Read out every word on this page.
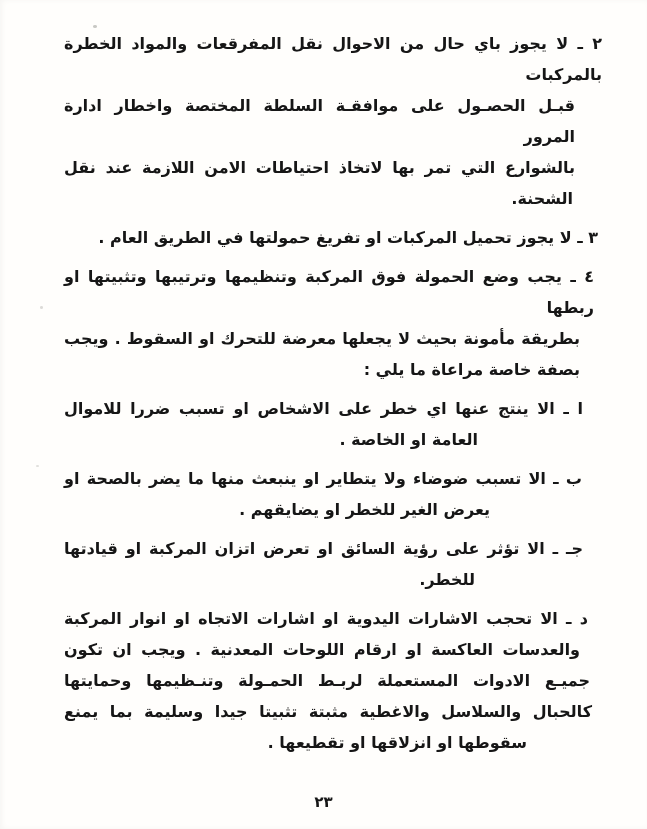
٢ ـ لا يجوز باي حال من الاحوال نقل المفرقعات والمواد الخطرة بالمركبات
قبـل الحصـول على موافقـة السلطة المختصة واخطار ادارة المرور
بالشوارع التي تمر بها لاتخاذ احتياطات الامن اللازمة عند نقل
الشحنة.
٣ ـ لا يجوز تحميل المركبات او تفريغ حمولتها في الطريق العام .
٤ ـ يجب وضع الحمولة فوق المركبة وتنظيمها وترتيبها وتثبيتها او ربطها
بطريقة مأمونة بحيث لا يجعلها معرضة للتحرك او السقوط . ويجب
بصفة خاصة مراعاة ما يلي :
ا ـ الا ينتج عنها اي خطر على الاشخاص او تسبب ضررا للاموال
العامة او الخاصة .
ب ـ الا تسبب ضوضاء ولا يتطاير او ينبعث منها ما يضر بالصحة او
يعرض الغير للخطر او يضايقهم .
جـ ـ الا تؤثر على رؤية السائق او تعرض اتزان المركبة او قيادتها
للخطر.
د ـ الا تحجب الاشارات اليدوية او اشارات الاتجاه او انوار المركبة
والعدسات العاكسة او ارقام اللوحات المعدنية . ويجب ان تكون
جميـع الادوات المستعملة لربـط الحمـولة وتنـظيمها وحمايتها
كالحبال والسلاسل والاغطية مثبتة تثبيتا جيدا وسليمة بما يمنع
سقوطها او انزلاقها او تقطيعها .
٢٣
